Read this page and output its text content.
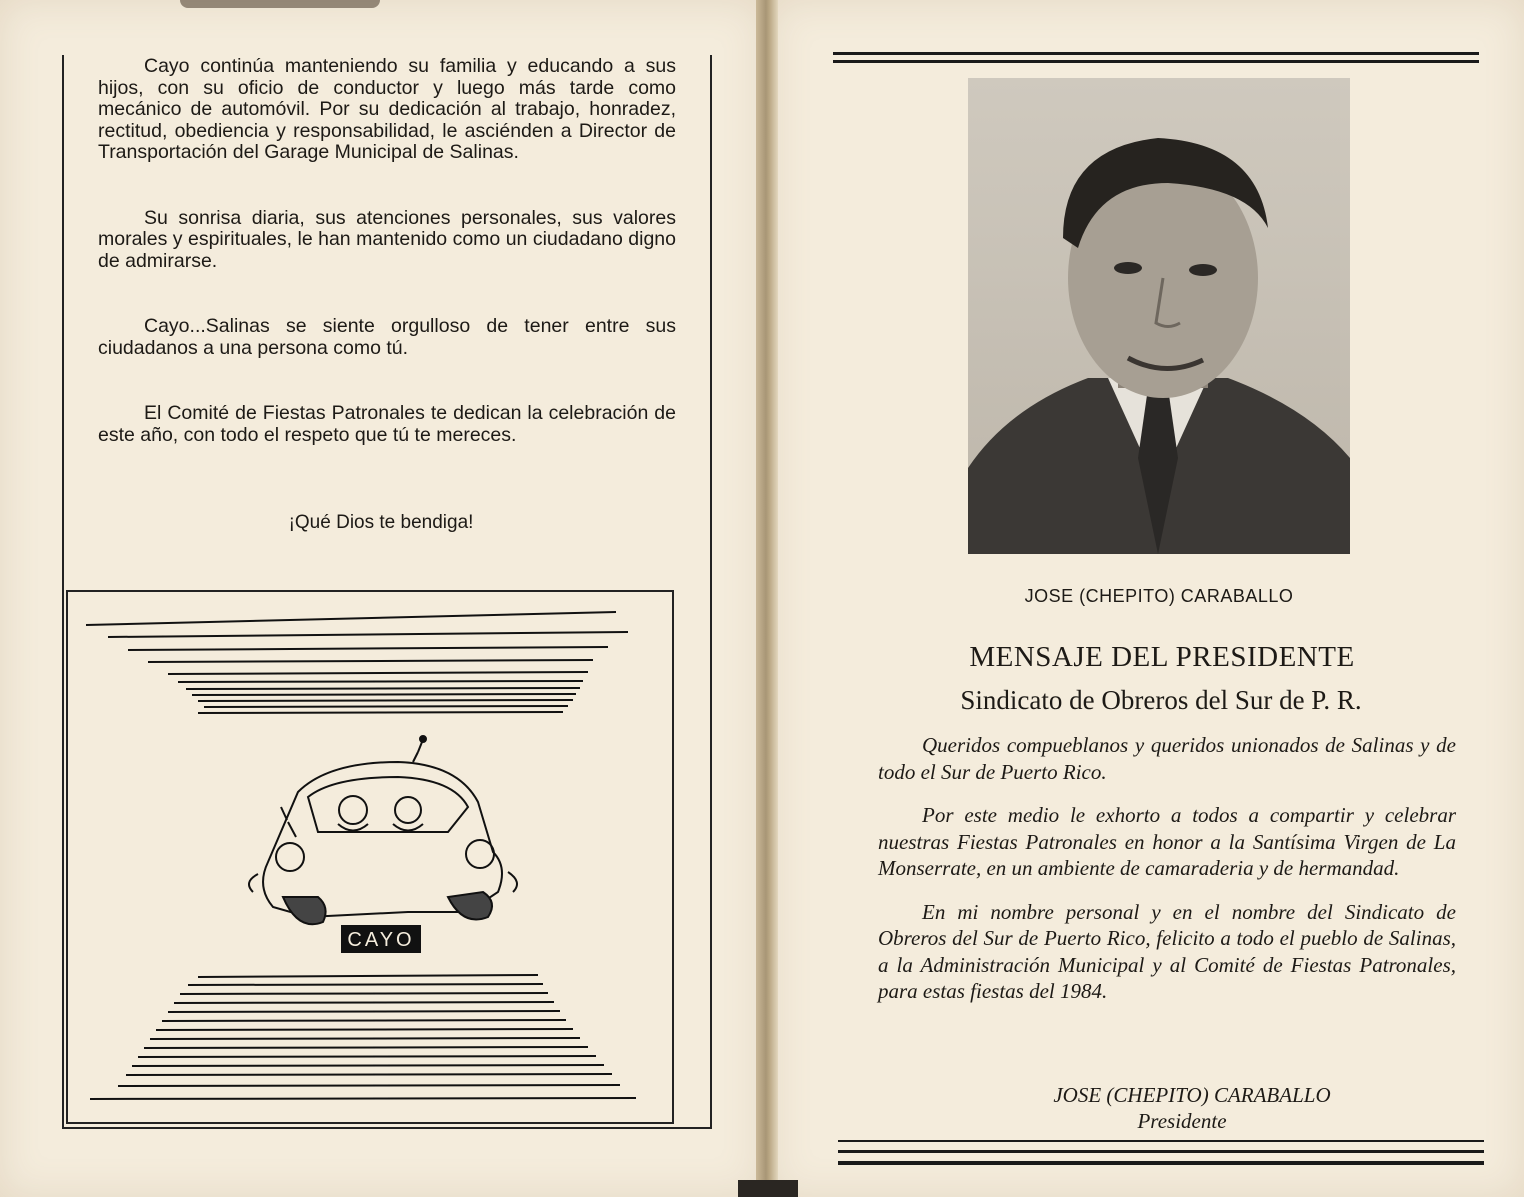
Cayo continúa manteniendo su familia y educando a sus hijos, con su oficio de conductor y luego más tarde como mecánico de automóvil. Por su dedicación al trabajo, honradez, rectitud, obediencia y responsabilidad, le asciénden a Director de Transportación del Garage Municipal de Salinas.

Su sonrisa diaria, sus atenciones personales, sus valores morales y espirituales, le han mantenido como un ciudadano digno de admirarse.

Cayo...Salinas se siente orgulloso de tener entre sus ciudadanos a una persona como tú.

El Comité de Fiestas Patronales te dedican la celebración de este año, con todo el respeto que tú te mereces.

¡Qué Dios te bendiga!
CAYO
JOSE (CHEPITO) CARABALLO
MENSAJE DEL PRESIDENTE
Sindicato de Obreros del Sur de P. R.

Queridos compueblanos y queridos unionados de Salinas y de todo el Sur de Puerto Rico.

Por este medio le exhorto a todos a compartir y celebrar nuestras Fiestas Patronales en honor a la Santísima Virgen de La Monserrate, en un ambiente de camaraderia y de hermandad.

En mi nombre personal y en el nombre del Sindicato de Obreros del Sur de Puerto Rico, felicito a todo el pueblo de Salinas, a la Administración Municipal y al Comité de Fiestas Patronales, para estas fiestas del 1984.

JOSE (CHEPITO) CARABALLO
Presidente
